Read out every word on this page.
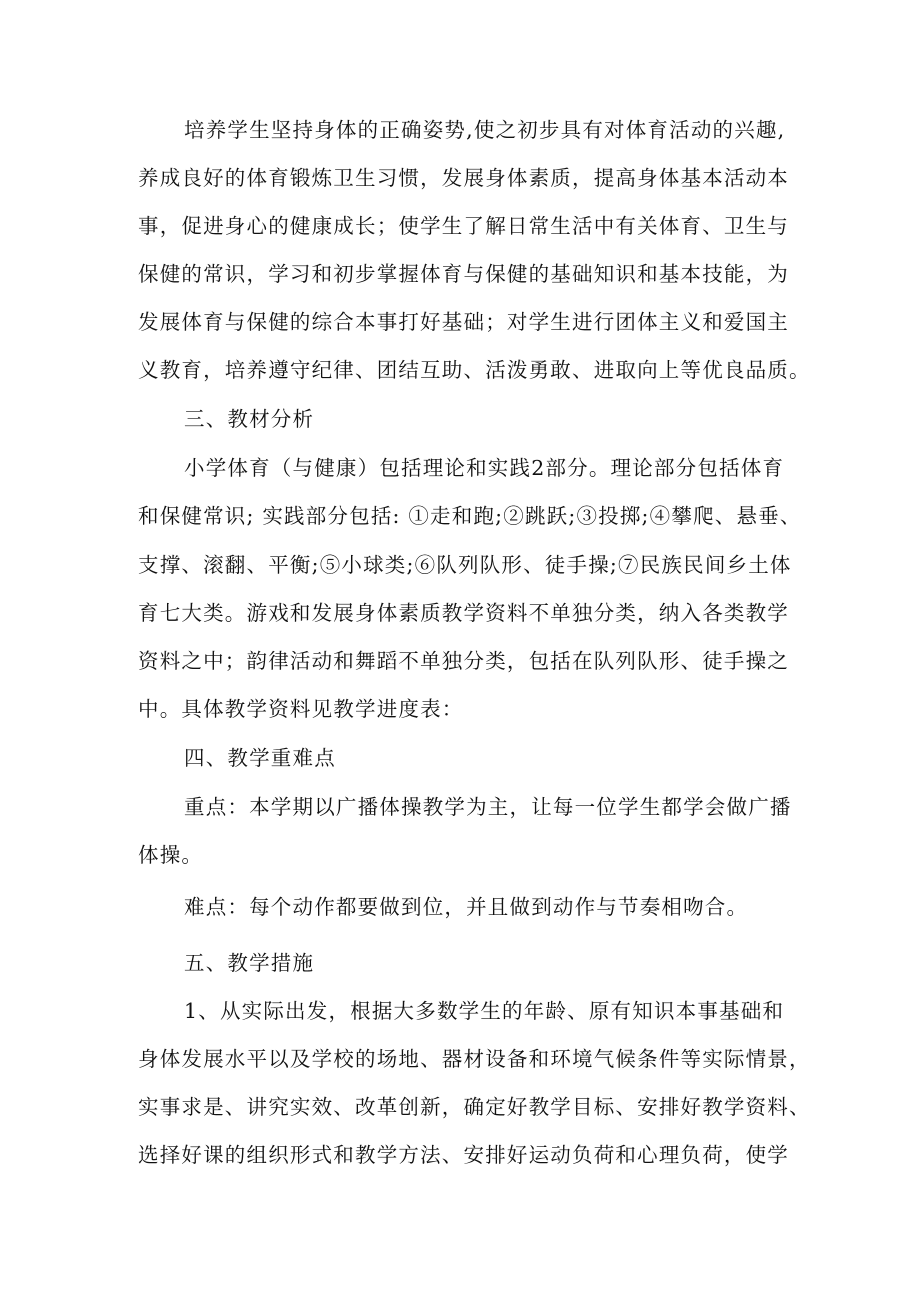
培养学生坚持身体的正确姿势,使之初步具有对体育活动的兴趣,
养成良好的体育锻炼卫生习惯，发展身体素质，提高身体基本活动本
事，促进身心的健康成长；使学生了解日常生活中有关体育、卫生与
保健的常识，学习和初步掌握体育与保健的基础知识和基本技能，为
发展体育与保健的综合本事打好基础；对学生进行团体主义和爱国主
义教育，培养遵守纪律、团结互助、活泼勇敢、进取向上等优良品质。
三、教材分析
小学体育（与健康）包括理论和实践2部分。理论部分包括体育
和保健常识; 实践部分包括: ①走和跑;②跳跃;③投掷;④攀爬、悬垂、
支撑、滚翻、平衡;⑤小球类;⑥队列队形、徒手操;⑦民族民间乡土体
育七大类。游戏和发展身体素质教学资料不单独分类，纳入各类教学
资料之中；韵律活动和舞蹈不单独分类，包括在队列队形、徒手操之
中。具体教学资料见教学进度表：
四、教学重难点
重点：本学期以广播体操教学为主，让每一位学生都学会做广播
体操。
难点：每个动作都要做到位，并且做到动作与节奏相吻合。
五、教学措施
1、从实际出发，根据大多数学生的年龄、原有知识本事基础和
身体发展水平以及学校的场地、器材设备和环境气候条件等实际情景，
实事求是、讲究实效、改革创新，确定好教学目标、安排好教学资料、
选择好课的组织形式和教学方法、安排好运动负荷和心理负荷，使学
